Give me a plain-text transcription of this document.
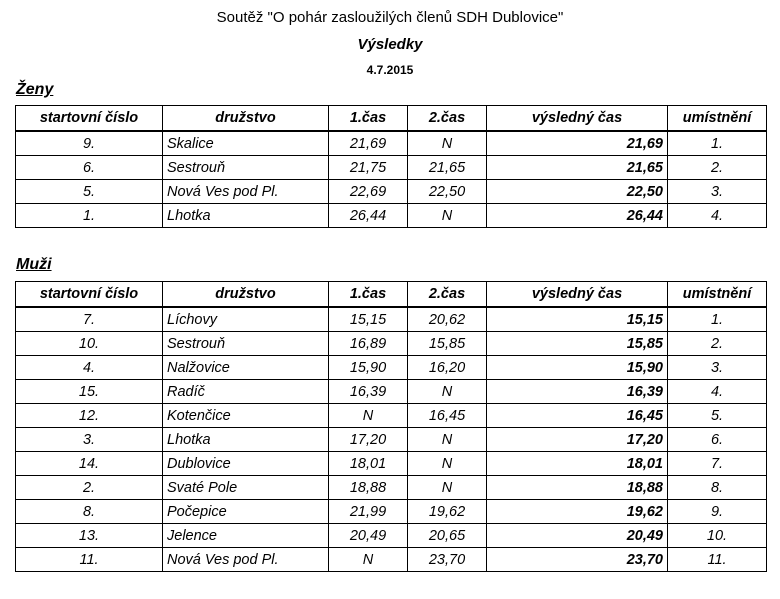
Soutěž "O pohár zasloužilých členů SDH Dublovice"
Výsledky
4.7.2015
Ženy
startovní číslo	družstvo	1.čas	2.čas	výsledný čas	umístnění
9.	Skalice	21,69	N	21,69	1.
6.	Sestrouň	21,75	21,65	21,65	2.
5.	Nová Ves pod Pl.	22,69	22,50	22,50	3.
1.	Lhotka	26,44	N	26,44	4.
Muži
startovní číslo	družstvo	1.čas	2.čas	výsledný čas	umístnění
7.	Líchovy	15,15	20,62	15,15	1.
10.	Sestrouň	16,89	15,85	15,85	2.
4.	Nalžovice	15,90	16,20	15,90	3.
15.	Radíč	16,39	N	16,39	4.
12.	Kotenčice	N	16,45	16,45	5.
3.	Lhotka	17,20	N	17,20	6.
14.	Dublovice	18,01	N	18,01	7.
2.	Svaté Pole	18,88	N	18,88	8.
8.	Počepice	21,99	19,62	19,62	9.
13.	Jelence	20,49	20,65	20,49	10.
11.	Nová Ves pod Pl.	N	23,70	23,70	11.
